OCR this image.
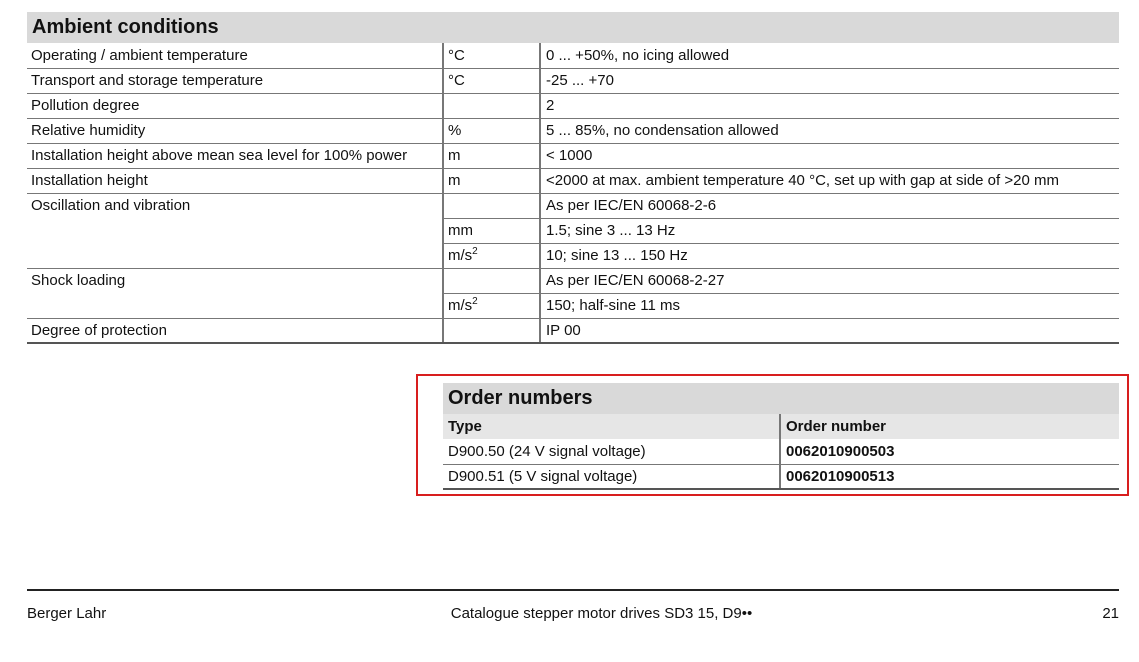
Ambient conditions
Operating / ambient temperature	°C	0 ... +50%, no icing allowed
Transport and storage temperature	°C	-25 ... +70
Pollution degree		2
Relative humidity	%	5 ... 85%, no condensation allowed
Installation height above mean sea level for 100% power	m	< 1000
Installation height	m	<2000 at max. ambient temperature 40 °C, set up with gap at side of >20 mm
Oscillation and vibration		As per IEC/EN 60068-2-6
	mm	1.5; sine 3 ... 13 Hz
	$m/s^2$	10; sine 13 ... 150 Hz
Shock loading		As per IEC/EN 60068-2-27
	$m/s^2$	150; half-sine 11 ms
Degree of protection		IP 00
Order numbers
Type	Order number
D900.50 (24 V signal voltage)	0062010900503
D900.51 (5 V signal voltage)	0062010900513
Berger Lahr	Catalogue stepper motor drives SD3 15, D9••	21
